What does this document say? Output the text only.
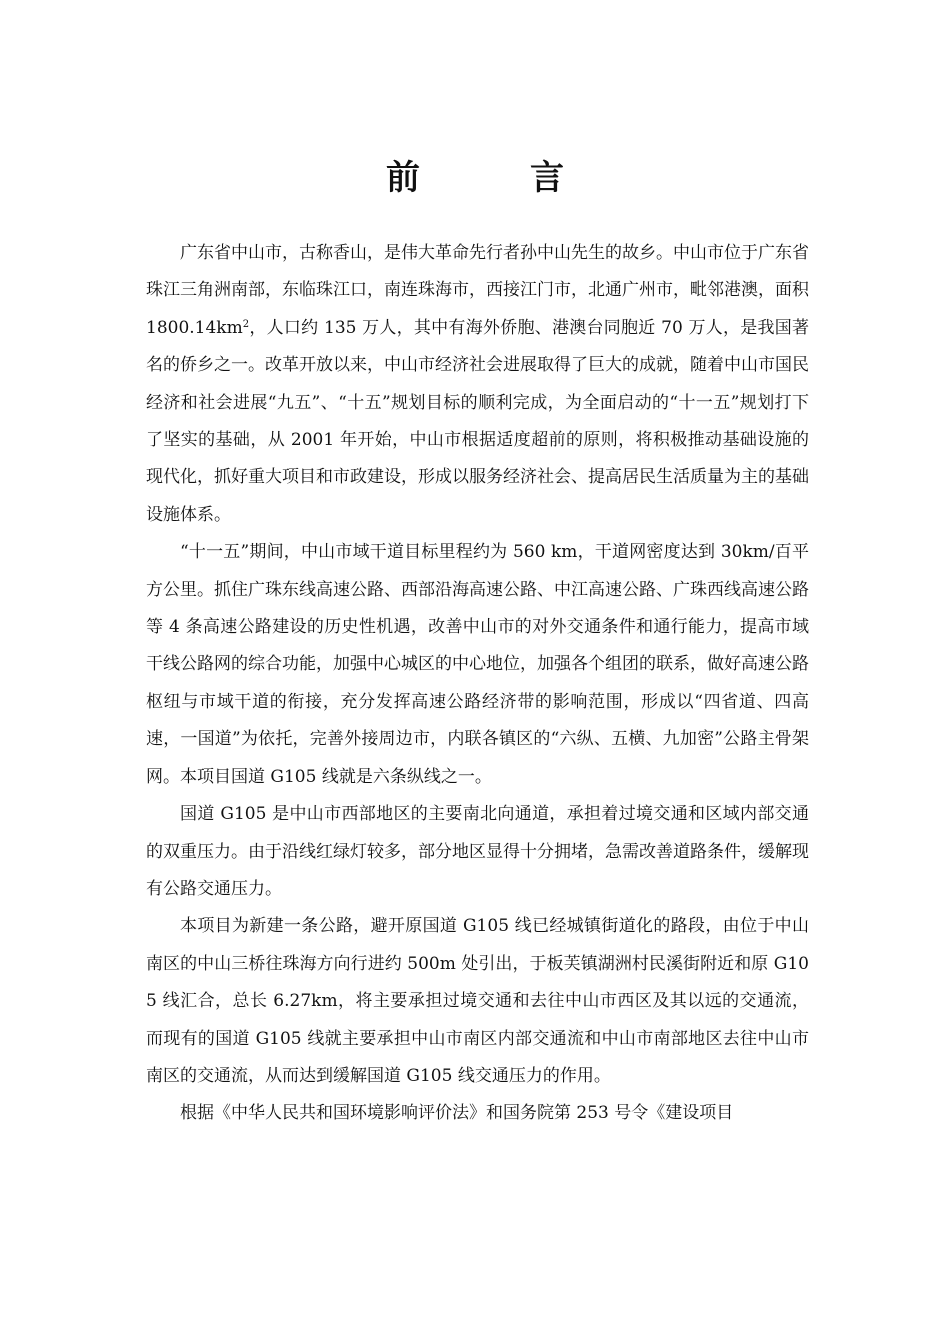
前　言

广东省中山市，古称香山，是伟大革命先行者孙中山先生的故乡。中山市位于广东省珠江三角洲南部，东临珠江口，南连珠海市，西接江门市，北通广州市，毗邻港澳，面积 $1800.14km^2$，人口约 135 万人，其中有海外侨胞、港澳台同胞近 70 万人，是我国著名的侨乡之一。改革开放以来，中山市经济社会进展取得了巨大的成就，随着中山市国民经济和社会进展“九五”、“十五”规划目标的顺利完成，为全面启动的“十一五”规划打下了坚实的基础，从 2001 年开始，中山市根据适度超前的原则，将积极推动基础设施的现代化，抓好重大项目和市政建设，形成以服务经济社会、提高居民生活质量为主的基础设施体系。

“十一五”期间，中山市域干道目标里程约为 560 km，干道网密度达到 30km/百平方公里。抓住广珠东线高速公路、西部沿海高速公路、中江高速公路、广珠西线高速公路等 4 条高速公路建设的历史性机遇，改善中山市的对外交通条件和通行能力，提高市域干线公路网的综合功能，加强中心城区的中心地位，加强各个组团的联系，做好高速公路枢纽与市域干道的衔接，充分发挥高速公路经济带的影响范围，形成以“四省道、四高速，一国道”为依托，完善外接周边市，内联各镇区的“六纵、五横、九加密”公路主骨架网。本项目国道 G105 线就是六条纵线之一。

国道 G105 是中山市西部地区的主要南北向通道，承担着过境交通和区域内部交通的双重压力。由于沿线红绿灯较多，部分地区显得十分拥堵，急需改善道路条件，缓解现有公路交通压力。

本项目为新建一条公路，避开原国道 G105 线已经城镇街道化的路段，由位于中山南区的中山三桥往珠海方向行进约 500m 处引出，于板芙镇湖洲村民溪街附近和原 G105 线汇合，总长 6.27km，将主要承担过境交通和去往中山市西区及其以远的交通流，而现有的国道 G105 线就主要承担中山市南区内部交通流和中山市南部地区去往中山市南区的交通流，从而达到缓解国道 G105 线交通压力的作用。

根据《中华人民共和国环境影响评价法》和国务院第 253 号令《建设项目
